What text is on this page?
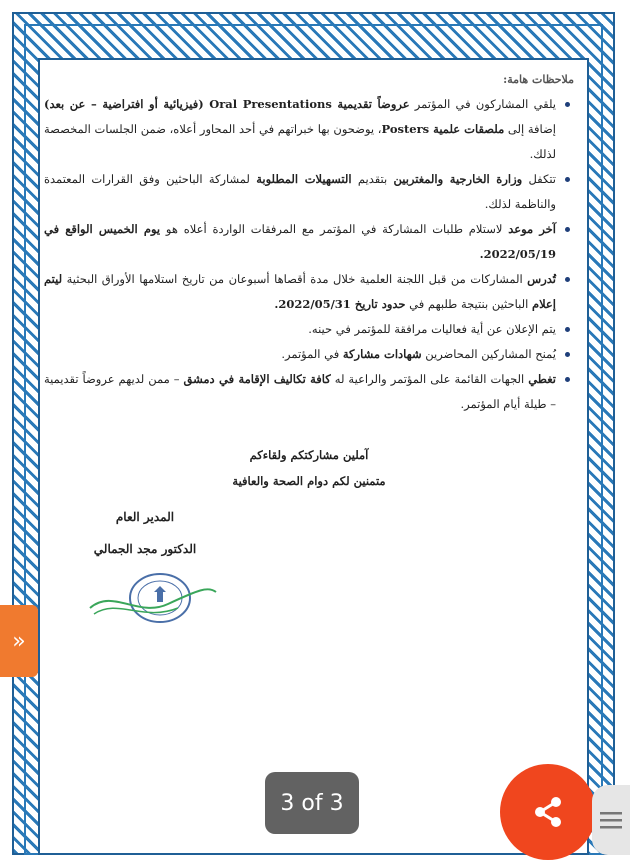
ملاحظات هامة:
يلقي المشاركون في المؤتمر عروضاً تقديمية Oral Presentations (فيزيائية أو افتراضية – عن بعد) إضافة إلى ملصقات علمية Posters، يوضحون بها خبراتهم في أحد المحاور أعلاه، ضمن الجلسات المخصصة لذلك.
تتكفل وزارة الخارجية والمغتربين بتقديم التسهيلات المطلوبة لمشاركة الباحثين وفق القرارات المعتمدة والناظمة لذلك.
آخر موعد لاستلام طلبات المشاركة في المؤتمر مع المرفقات الواردة أعلاه هو يوم الخميس الواقع في 2022/05/19.
تُدرس المشاركات من قبل اللجنة العلمية خلال مدة أقصاها أسبوعان من تاريخ استلامها الأوراق البحثية ليتم إعلام الباحثين بنتيجة طلبهم في حدود تاريخ 2022/05/31.
يتم الإعلان عن أية فعاليات مرافقة للمؤتمر في حينه.
يُمنح المشاركين المحاضرين شهادات مشاركة في المؤتمر.
تغطي الجهات القائمة على المؤتمر والراعية له كافة تكاليف الإقامة في دمشق – ممن لديهم عروضاً تقديمية – طيلة أيام المؤتمر.
آملين مشاركتكم ولقاءكم
متمنين لكم دوام الصحة والعافية
المدير العام
الدكتور مجد الجمالي
»
3 of 3
